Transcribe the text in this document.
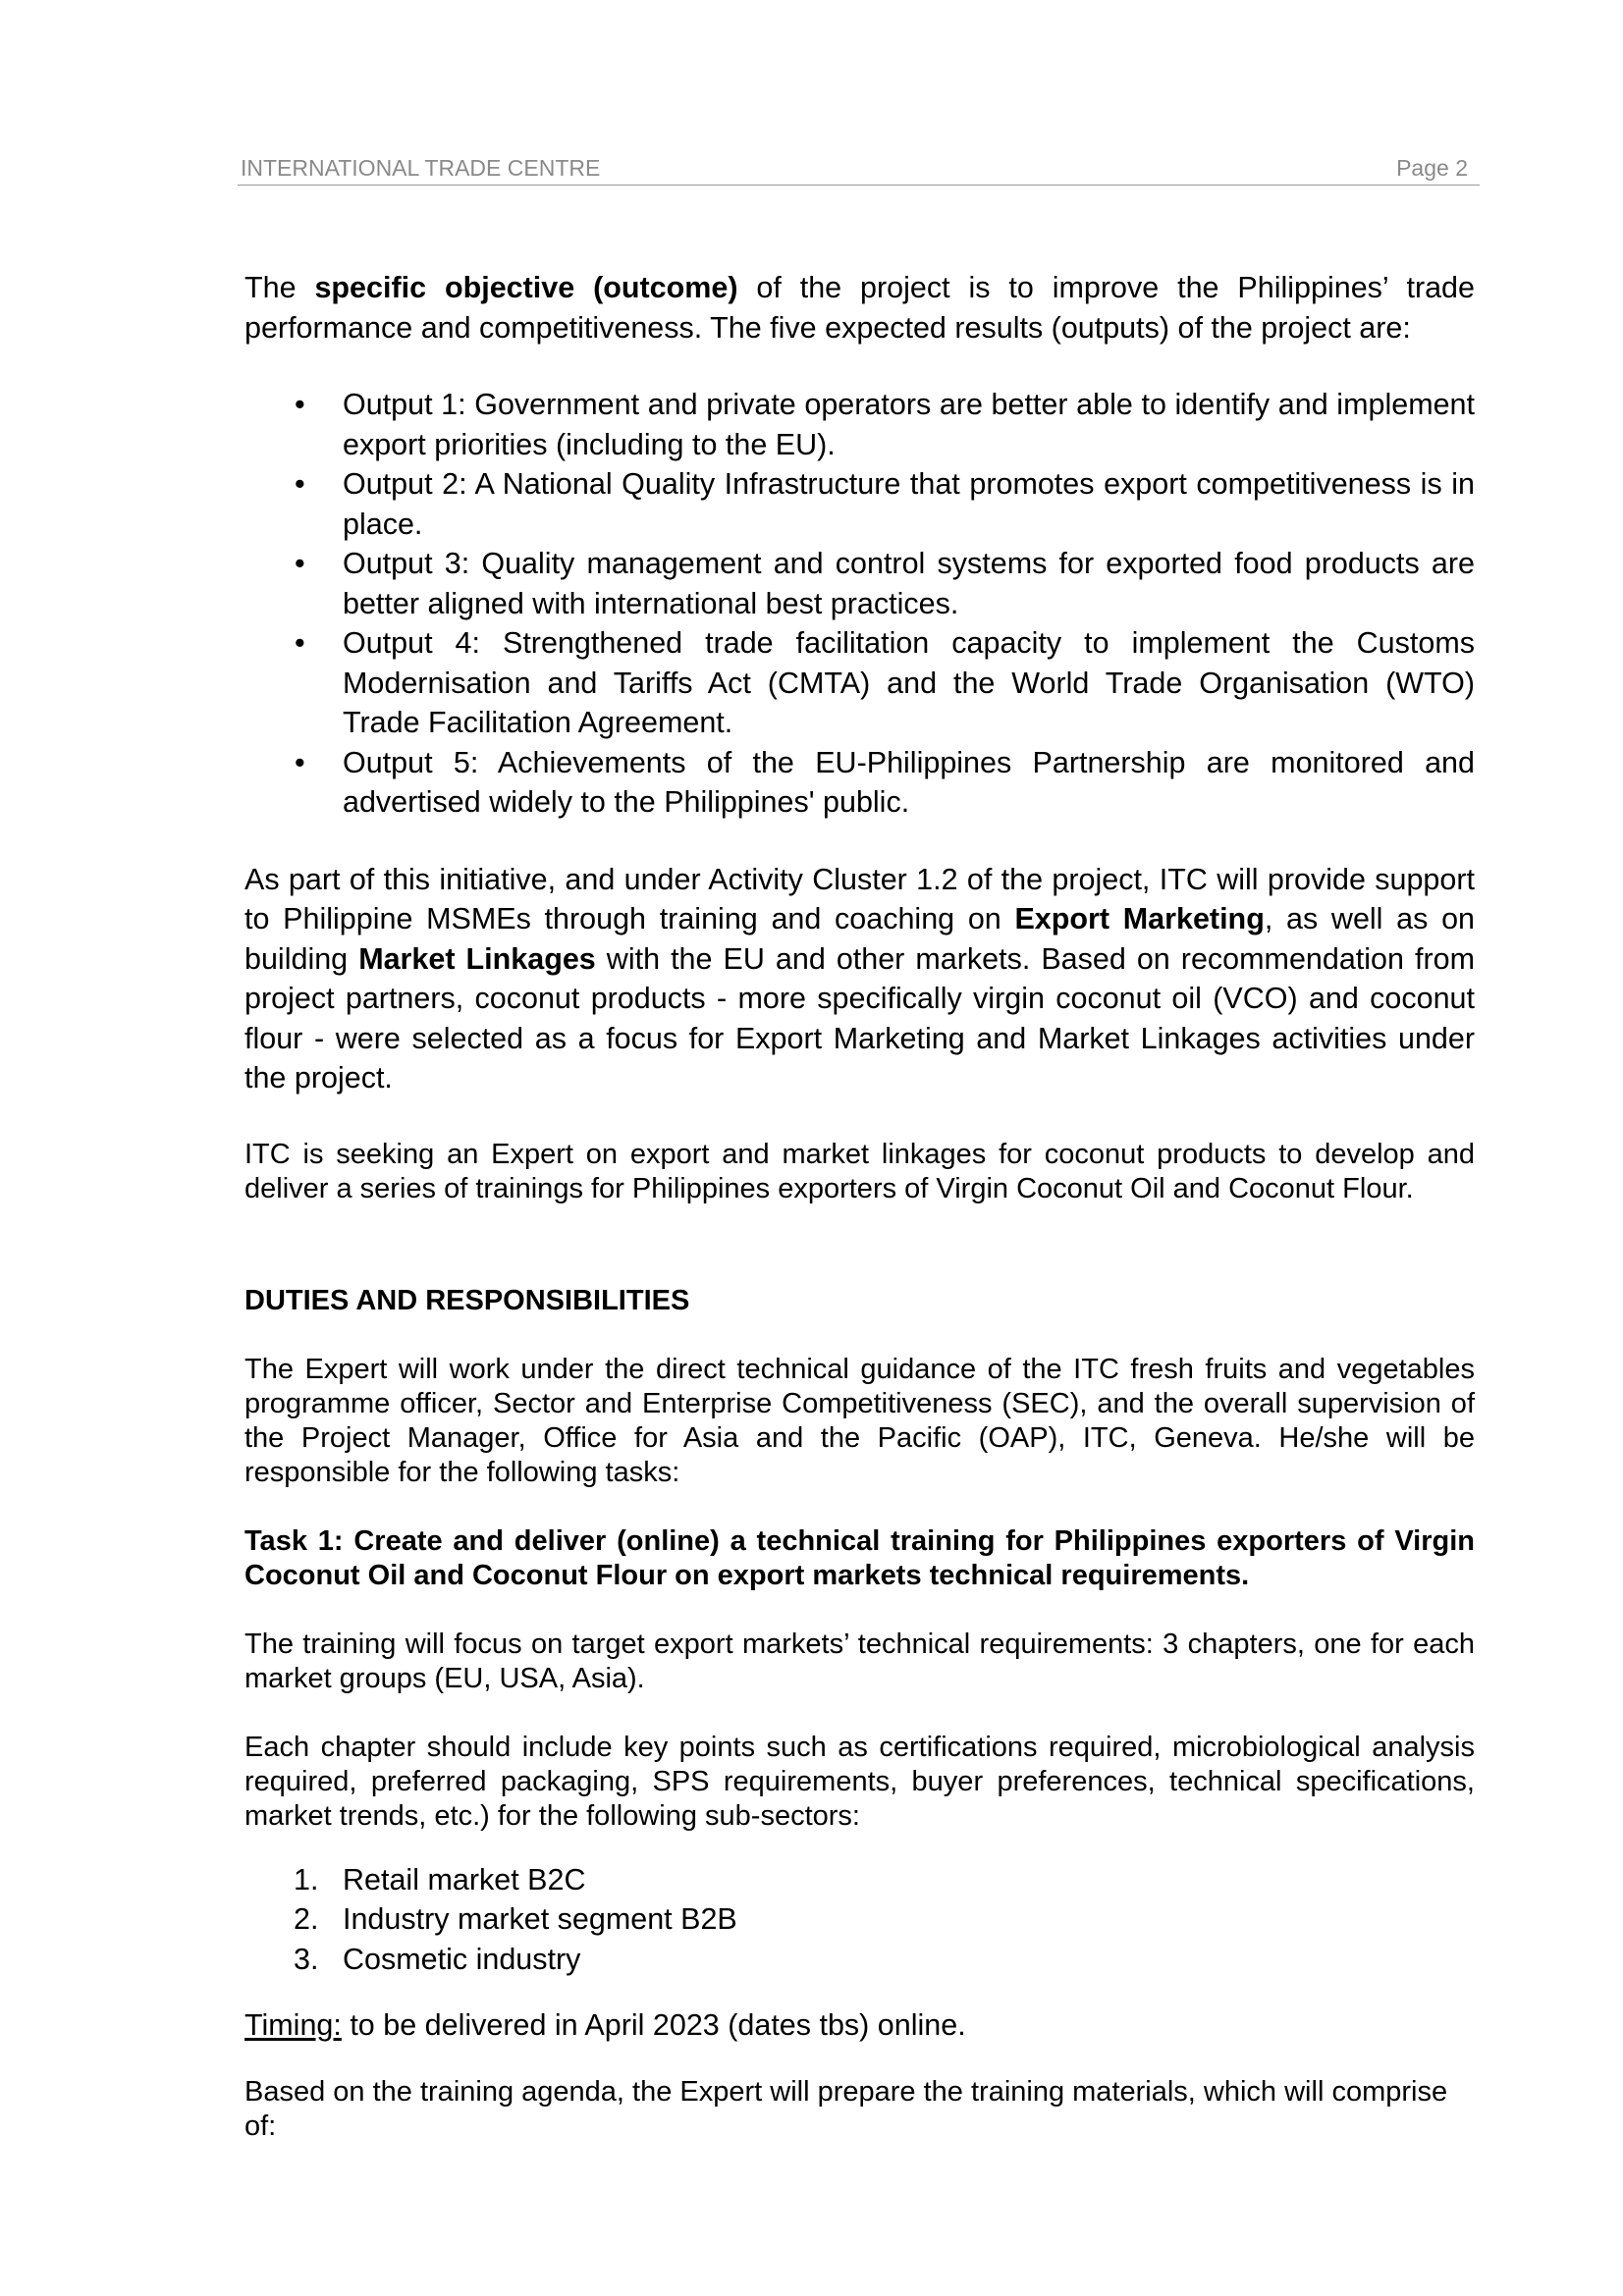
INTERNATIONAL TRADE CENTRE	Page 2

The specific objective (outcome) of the project is to improve the Philippines’ trade performance and competitiveness. The five expected results (outputs) of the project are:

• Output 1: Government and private operators are better able to identify and implement export priorities (including to the EU).
• Output 2: A National Quality Infrastructure that promotes export competitiveness is in place.
• Output 3: Quality management and control systems for exported food products are better aligned with international best practices.
• Output 4: Strengthened trade facilitation capacity to implement the Customs Modernisation and Tariffs Act (CMTA) and the World Trade Organisation (WTO) Trade Facilitation Agreement.
• Output 5: Achievements of the EU-Philippines Partnership are monitored and advertised widely to the Philippines' public.

As part of this initiative, and under Activity Cluster 1.2 of the project, ITC will provide support to Philippine MSMEs through training and coaching on Export Marketing, as well as on building Market Linkages with the EU and other markets. Based on recommendation from project partners, coconut products - more specifically virgin coconut oil (VCO) and coconut flour - were selected as a focus for Export Marketing and Market Linkages activities under the project.

ITC is seeking an Expert on export and market linkages for coconut products to develop and deliver a series of trainings for Philippines exporters of Virgin Coconut Oil and Coconut Flour.

DUTIES AND RESPONSIBILITIES

The Expert will work under the direct technical guidance of the ITC fresh fruits and vegetables programme officer, Sector and Enterprise Competitiveness (SEC), and the overall supervision of the Project Manager, Office for Asia and the Pacific (OAP), ITC, Geneva. He/she will be responsible for the following tasks:

Task 1: Create and deliver (online) a technical training for Philippines exporters of Virgin Coconut Oil and Coconut Flour on export markets technical requirements.

The training will focus on target export markets’ technical requirements: 3 chapters, one for each market groups (EU, USA, Asia).

Each chapter should include key points such as certifications required, microbiological analysis required, preferred packaging, SPS requirements, buyer preferences, technical specifications, market trends, etc.) for the following sub-sectors:

1. Retail market B2C
2. Industry market segment B2B
3. Cosmetic industry

Timing: to be delivered in April 2023 (dates tbs) online.

Based on the training agenda, the Expert will prepare the training materials, which will comprise of:
